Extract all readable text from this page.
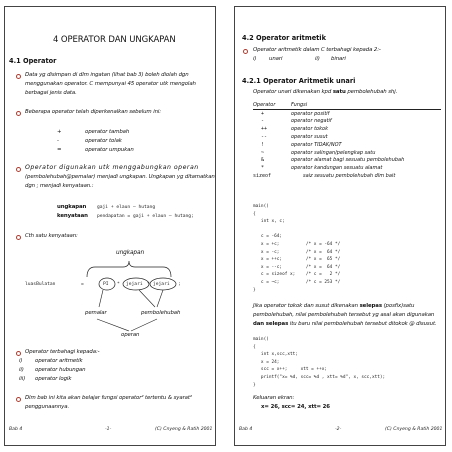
4 OPERATOR DAN UNGKAPAN
4.1 Operator
Data yg disimpan di dlm ingatan (lihat bab 3) boleh diolah dgn
menggunakan operator. C mempunyai 45 operator utk mengolah
berbagai jenis data.
Beberapa operator telah diperkenalkan sebelum ini:
+	operator tambah
-	operator tolak
=	operator umpukan
Operator digunakan utk menggabungkan operan
(pembolehubah@pemalar) menjadi ungkapan. Ungkapan yg ditamatkan
dgn ; menjadi kenyataan.:
ungkapan gaji + elaun – hutang
kenyataan pendapatan = gaji + elaun – hutang;
Cth satu kenyataan:
ungkapan
luasBulatan	=	PI * jejari * jejari ;
pemalar	pembolehubah
operan
Operator terbahagi kepada:-
i) operator aritmetik
ii) operator hubungan
iii) operator logik
Dlm bab ini kita akan belajar fungsi operator² tertentu & syarat²
penggunaannya.
Bab 4	-1-	(C) Cnyeng & Ratih 2001
4.2 Operator aritmetik
Operator aritmetik dalam C terbahagi kepada 2:-
i) unari	ii) binari
4.2.1 Operator Aritmetik unari
Operator unari dikenakan kpd satu pembolehubah shj.
Operator	Fungsi
+	operator positif
-	operator negatif
++	operator tokok
--	operator susut
!	operator TIDAK/NOT
~	operator salingan/pelengkap satu
&	operator alamat bagi sesuatu pembolehubah
*	operator kandungan sesuatu alamat
sizeof	saiz sesuatu pembolehubah dlm bait
main()
{
int x, c;

c = -64;
x = +c;          /* x = -64 */
x = -c;          /* x =  64 */
x = ++c;         /* x =  65 */
x = --c;         /* x =  64 */
c = sizeof x;    /* c =   2 */
c = ~c;          /* c = 253 */
}
Jika operator tokok dan susut dikenakan selepas (posfix)satu
pembolehubah, nilai pembolehubah tersebut yg asal akan digunakan
dan selepas itu baru nilai pembolehubah tersebut ditokok @ disusut.
main()
{
int x,scc,xtt;
x = 24;
scc = x++;     xtt = ++x;
printf("x= %d, scc= %d , xtt= %d", x, scc,xtt);
}
Keluaran ekran:
x= 26, scc= 24, xtt= 26
Bab 4	-2-	(C) Cnyeng & Ratih 2001
